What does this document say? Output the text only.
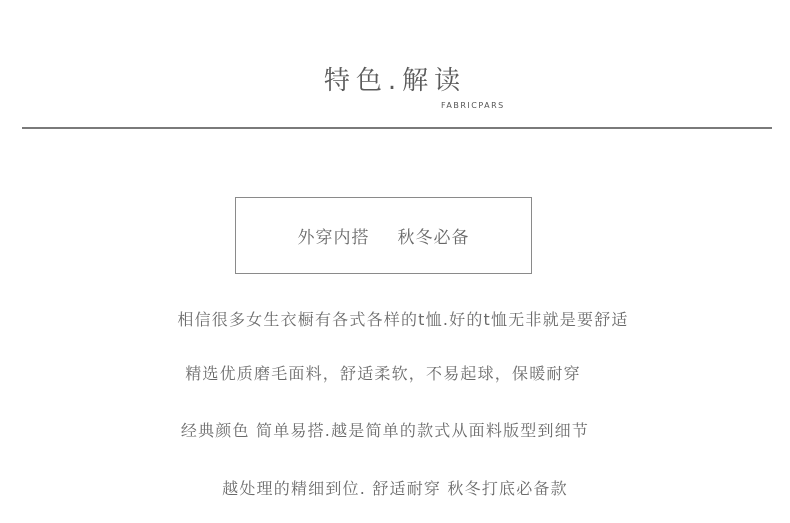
特色.解读
FABRICPARS
外穿内搭 秋冬必备
相信很多女生衣橱有各式各样的t恤.好的t恤无非就是要舒适
精选优质磨毛面料，舒适柔软，不易起球，保暖耐穿
经典颜色 简单易搭.越是简单的款式从面料版型到细节
越处理的精细到位. 舒适耐穿 秋冬打底必备款
